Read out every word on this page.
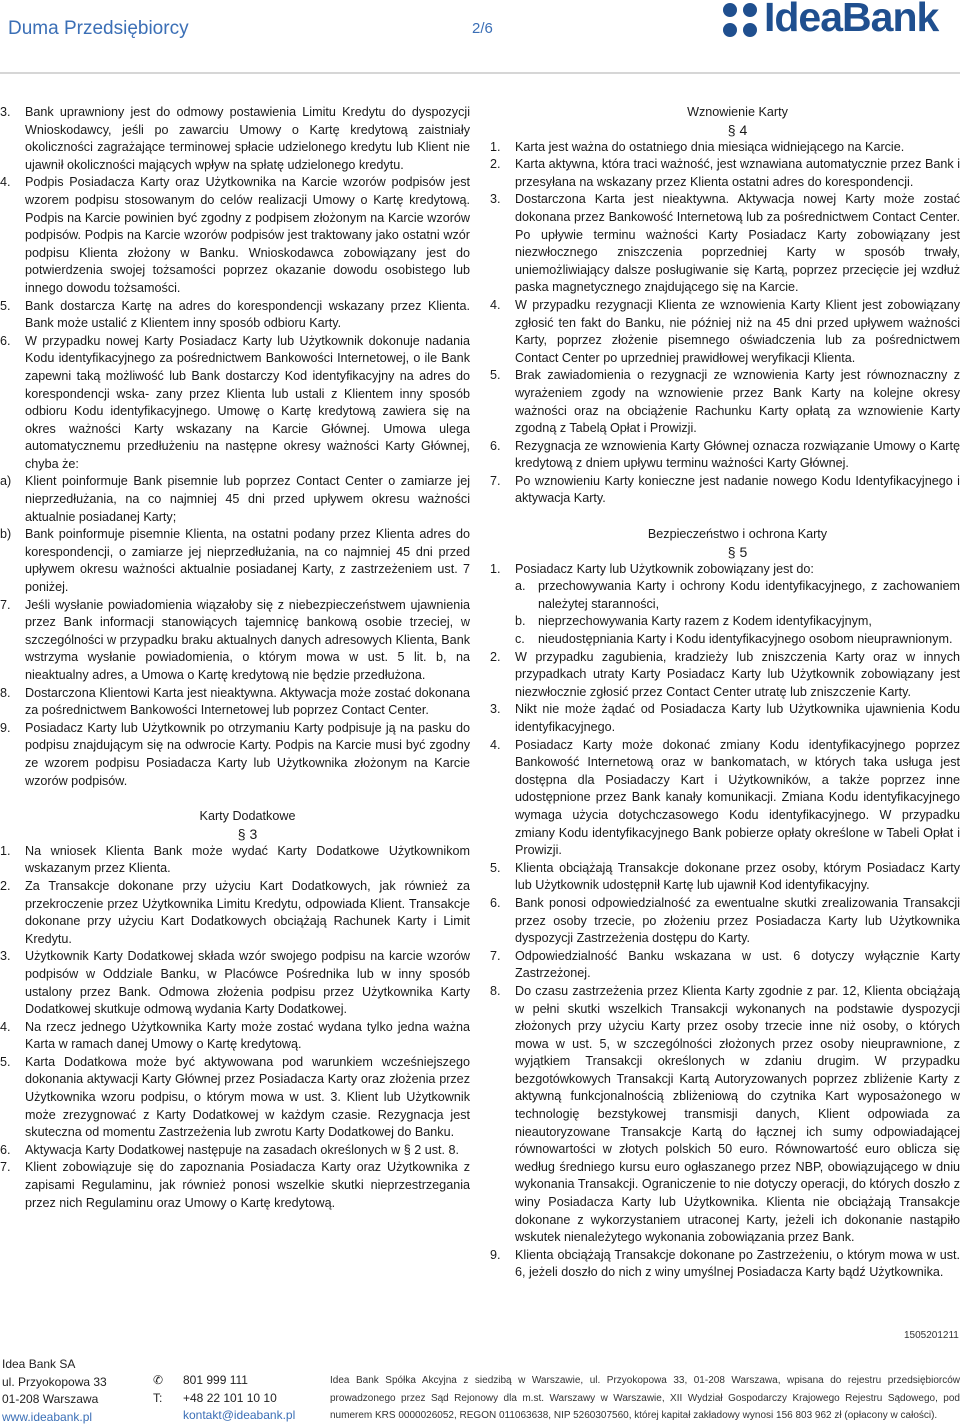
Duma Przedsiębiorcy	2/6	IdeaBank

3. Bank uprawniony jest do odmowy postawienia Limitu Kredytu do dyspozycji Wnioskodawcy, jeśli po zawarciu Umowy o Kartę kredytową zaistniały okoliczności zagrażające terminowej spłacie udzielonego kredytu lub Klient nie ujawnił okoliczności mających wpływ na spłatę udzielonego kredytu.

4. Podpis Posiadacza Karty oraz Użytkownika na Karcie wzorów podpisów jest wzorem podpisu stosowanym do celów realizacji Umowy o Kartę kredytową. Podpis na Karcie powinien być zgodny z podpisem złożonym na Karcie wzorów podpisów. Podpis na Karcie wzorów podpisów jest traktowany jako ostatni wzór podpisu Klienta złożony w Banku. Wnioskodawca zobowiązany jest do potwierdzenia swojej tożsamości poprzez okazanie dowodu osobistego lub innego dowodu tożsamości.

5. Bank dostarcza Kartę na adres do korespondencji wskazany przez Klienta. Bank może ustalić z Klientem inny sposób odbioru Karty.

6. W przypadku nowej Karty Posiadacz Karty lub Użytkownik dokonuje nadania Kodu identyfikacyjnego za pośrednictwem Bankowości Internetowej, o ile Bank zapewni taką możliwość lub Bank dostarczy Kod identyfikacyjny na adres do korespondencji wska- zany przez Klienta lub ustali z Klientem inny sposób odbioru Kodu identyfikacyjnego. Umowę o Kartę kredytową zawiera się na okres ważności Karty wskazany na Karcie Głównej. Umowa ulega automatycznemu przedłużeniu na następne okresy ważności Karty Głównej, chyba że:

a) Klient poinformuje Bank pisemnie lub poprzez Contact Center o zamiarze jej nieprzedłużania, na co najmniej 45 dni przed upływem okresu ważności aktualnie posiadanej Karty;

b) Bank poinformuje pisemnie Klienta, na ostatni podany przez Klienta adres do korespondencji, o zamiarze jej nieprzedłużania, na co najmniej 45 dni przed upływem okresu ważności aktualnie posiadanej Karty, z zastrzeżeniem ust. 7 poniżej.

7. Jeśli wysłanie powiadomienia wiązałoby się z niebezpieczeństwem ujawnienia przez Bank informacji stanowiących tajemnicę bankową osobie trzeciej, w szczególności w przypadku braku aktualnych danych adresowych Klienta, Bank wstrzyma wysłanie powiadomienia, o którym mowa w ust. 5 lit. b, na nieaktualny adres, a Umowa o Kartę kredytową nie będzie przedłużona.

8. Dostarczona Klientowi Karta jest nieaktywna. Aktywacja może zostać dokonana za pośrednictwem Bankowości Internetowej lub poprzez Contact Center.

9. Posiadacz Karty lub Użytkownik po otrzymaniu Karty podpisuje ją na pasku do podpisu znajdującym się na odwrocie Karty. Podpis na Karcie musi być zgodny ze wzorem podpisu Posiadacza Karty lub Użytkownika złożonym na Karcie wzorów podpisów.

Karty Dodatkowe

§ 3

1. Na wniosek Klienta Bank może wydać Karty Dodatkowe Użytkownikom wskazanym przez Klienta.

2. Za Transakcje dokonane przy użyciu Kart Dodatkowych, jak również za przekroczenie przez Użytkownika Limitu Kredytu, odpowiada Klient. Transakcje dokonane przy użyciu Kart Dodatkowych obciążają Rachunek Karty i Limit Kredytu.

3. Użytkownik Karty Dodatkowej składa wzór swojego podpisu na karcie wzorów podpisów w Oddziale Banku, w Placówce Pośrednika lub w inny sposób ustalony przez Bank. Odmowa złożenia podpisu przez Użytkownika Karty Dodatkowej skutkuje odmową wydania Karty Dodatkowej.

4. Na rzecz jednego Użytkownika Karty może zostać wydana tylko jedna ważna Karta w ramach danej Umowy o Kartę kredytową.

5. Karta Dodatkowa może być aktywowana pod warunkiem wcześniejszego dokonania aktywacji Karty Głównej przez Posiadacza Karty oraz złożenia przez Użytkownika wzoru podpisu, o którym mowa w ust. 3. Klient lub Użytkownik może zrezygnować z Karty Dodatkowej w każdym czasie. Rezygnacja jest skuteczna od momentu Zastrzeżenia lub zwrotu Karty Dodatkowej do Banku.

6. Aktywacja Karty Dodatkowej następuje na zasadach określonych w § 2 ust. 8.

7. Klient zobowiązuje się do zapoznania Posiadacza Karty oraz Użytkownika z zapisami Regulaminu, jak również ponosi wszelkie skutki nieprzestrzegania przez nich Regulaminu oraz Umowy o Kartę kredytową.

Wznowienie Karty

§ 4

1. Karta jest ważna do ostatniego dnia miesiąca widniejącego na Karcie.

2. Karta aktywna, która traci ważność, jest wznawiana automatycznie przez Bank i przesyłana na wskazany przez Klienta ostatni adres do korespondencji.

3. Dostarczona Karta jest nieaktywna. Aktywacja nowej Karty może zostać dokonana przez Bankowość Internetową lub za pośrednictwem Contact Center. Po upływie terminu ważności Karty Posiadacz Karty zobowiązany jest niezwłocznego zniszczenia poprzedniej Karty w sposób trwały, uniemożliwiający dalsze posługiwanie się Kartą, poprzez przecięcie jej wzdłuż paska magnetycznego znajdującego się na Karcie.

4. W przypadku rezygnacji Klienta ze wznowienia Karty Klient jest zobowiązany zgłosić ten fakt do Banku, nie później niż na 45 dni przed upływem ważności Karty, poprzez złożenie pisemnego oświadczenia lub za pośrednictwem Contact Center po uprzedniej prawidłowej weryfikacji Klienta.

5. Brak zawiadomienia o rezygnacji ze wznowienia Karty jest równoznaczny z wyrażeniem zgody na wznowienie przez Bank Karty na kolejne okresy ważności oraz na obciążenie Rachunku Karty opłatą za wznowienie Karty zgodną z Tabelą Opłat i Prowizji.

6. Rezygnacja ze wznowienia Karty Głównej oznacza rozwiązanie Umowy o Kartę kredytową z dniem upływu terminu ważności Karty Głównej.

7. Po wznowieniu Karty konieczne jest nadanie nowego Kodu Identyfikacyjnego i aktywacja Karty.

Bezpieczeństwo i ochrona Karty

§ 5

1. Posiadacz Karty lub Użytkownik zobowiązany jest do:

a. przechowywania Karty i ochrony Kodu identyfikacyjnego, z zachowaniem należytej staranności,

b. nieprzechowywania Karty razem z Kodem identyfikacyjnym,

c. nieudostępniania Karty i Kodu identyfikacyjnego osobom nieuprawnionym.

2. W przypadku zagubienia, kradzieży lub zniszczenia Karty oraz w innych przypadkach utraty Karty Posiadacz Karty lub Użytkownik zobowiązany jest niezwłocznie zgłosić przez Contact Center utratę lub zniszczenie Karty.

3. Nikt nie może żądać od Posiadacza Karty lub Użytkownika ujawnienia Kodu identyfikacyjnego.

4. Posiadacz Karty może dokonać zmiany Kodu identyfikacyjnego poprzez Bankowość Internetową oraz w bankomatach, w których taka usługa jest dostępna dla Posiadaczy Kart i Użytkowników, a także poprzez inne udostępnione przez Bank kanały komunikacji. Zmiana Kodu identyfikacyjnego wymaga użycia dotychczasowego Kodu identyfikacyjnego. W przypadku zmiany Kodu identyfikacyjnego Bank pobierze opłaty określone w Tabeli Opłat i Prowizji.

5. Klienta obciążają Transakcje dokonane przez osoby, którym Posiadacz Karty lub Użytkownik udostępnił Kartę lub ujawnił Kod identyfikacyjny.

6. Bank ponosi odpowiedzialność za ewentualne skutki zrealizowania Transakcji przez osoby trzecie, po złożeniu przez Posiadacza Karty lub Użytkownika dyspozycji Zastrzeżenia dostępu do Karty.

7. Odpowiedzialność Banku wskazana w ust. 6 dotyczy wyłącznie Karty Zastrzeżonej.

8. Do czasu zastrzeżenia przez Klienta Karty zgodnie z par. 12, Klienta obciążają w pełni skutki wszelkich Transakcji wykonanych na podstawie dyspozycji złożonych przy użyciu Karty przez osoby trzecie inne niż osoby, o których mowa w ust. 5, w szczególności złożonych przez osoby nieuprawnione, z wyjątkiem Transakcji określonych w zdaniu drugim. W przypadku bezgotówkowych Transakcji Kartą Autoryzowanych poprzez zbliżenie Karty z aktywną funkcjonalnością zbliżeniową do czytnika Kart wyposażonego w technologię bezstykowej transmisji danych, Klient odpowiada za nieautoryzowane Transakcje Kartą do łącznej ich sumy odpowiadającej równowartości w złotych polskich 50 euro. Równowartość euro oblicza się według średniego kursu euro ogłaszanego przez NBP, obowiązującego w dniu wykonania Transakcji. Ograniczenie to nie dotyczy operacji, do których doszło z winy Posiadacza Karty lub Użytkownika. Klienta nie obciążają Transakcje dokonane z wykorzystaniem utraconej Karty, jeżeli ich dokonanie nastąpiło wskutek nienależytego wykonania zobowiązania przez Bank.

9. Klienta obciążają Transakcje dokonane po Zastrzeżeniu, o którym mowa w ust. 6, jeżeli doszło do nich z winy umyślnej Posiadacza Karty bądź Użytkownika.

1505201211
Idea Bank SA
ul. Przyokopowa 33
01-208 Warszawa
www.ideabank.pl
✆	801 999 111
T:	+48 22 101 10 10
kontakt@ideabank.pl
Idea Bank Spółka Akcyjna z siedzibą w Warszawie, ul. Przyokopowa 33, 01-208 Warszawa, wpisana do rejestru przedsiębiorców prowadzonego przez Sąd Rejonowy dla m.st. Warszawy w Warszawie, XII Wydział Gospodarczy Krajowego Rejestru Sądowego, pod numerem KRS 0000026052, REGON 011063638, NIP 5260307560, której kapitał zakładowy wynosi 156 803 962 zł (opłacony w całości).
